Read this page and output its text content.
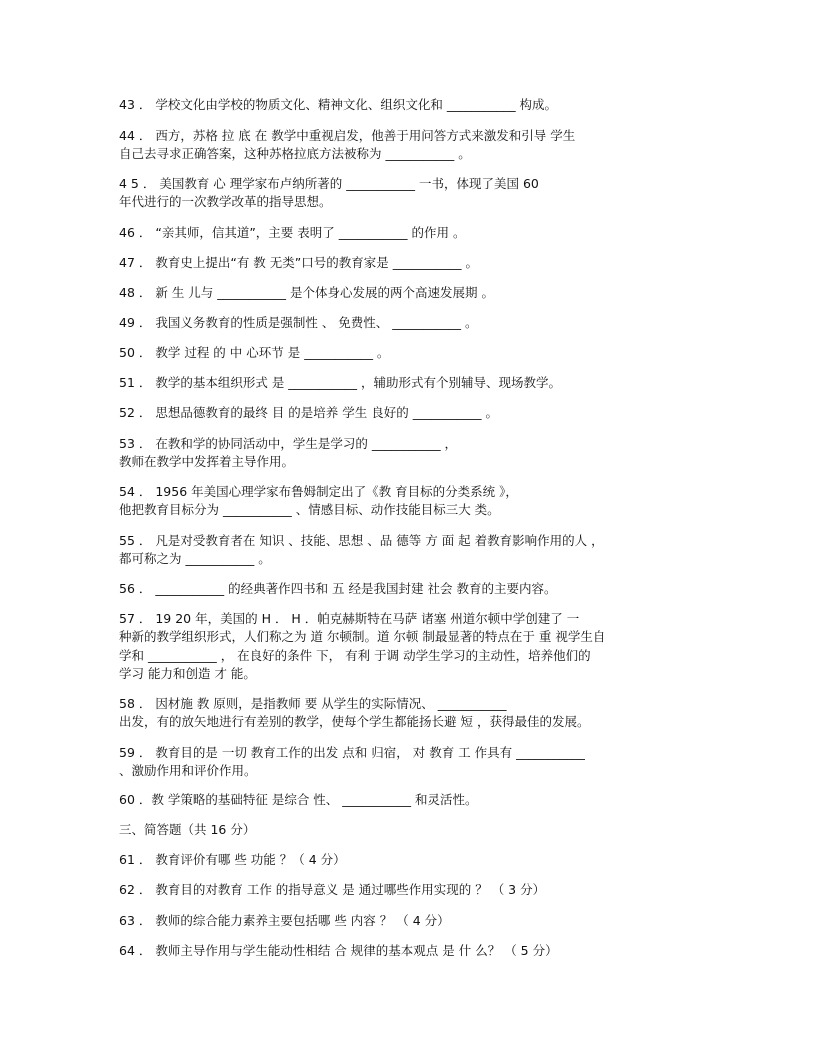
43 ． 学校文化由学校的物质文化、精神文化、组织文化和 ___________ 构成。
44 ． 西方，苏格 拉 底 在 教学中重视启发，他善于用问答方式来激发和引导 学生
自己去寻求正确答案，这种苏格拉底方法被称为 ___________ 。
4 5 ． 美国教育 心 理学家布卢纳所著的 ___________ 一书，体现了美国 60
年代进行的一次教学改革的指导思想。
46 ． “亲其师，信其道”，主要 表明了 ___________ 的作用 。
47 ． 教育史上提出“有 教 无类”口号的教育家是 ___________ 。
48 ． 新 生 儿与 ___________ 是个体身心发展的两个高速发展期 。
49 ． 我国义务教育的性质是强制性 、 免费性、 ___________ 。
50 ． 教学 过程 的 中 心环节 是 ___________ 。
51 ． 教学的基本组织形式 是 ___________ ，辅助形式有个别辅导、现场教学。
52 ． 思想品德教育的最终 目 的是培养 学生 良好的 ___________ 。
53 ． 在教和学的协同活动中，学生是学习的 ___________ ，
教师在教学中发挥着主导作用。
54 ． 1956 年美国心理学家布鲁姆制定出了《教 育目标的分类系统 》，
他把教育目标分为 ___________ 、情感目标、动作技能目标三大 类。
55 ． 凡是对受教育者在 知识 、技能、思想 、品 德等 方 面 起 着教育影响作用的人 ，
都可称之为 ___________ 。
56 ． ___________ 的经典著作四书和 五 经是我国封建 社会 教育的主要内容。
57 ． 19 20 年，美国的 H ． H ．帕克赫斯特在马萨 诸塞 州道尔顿中学创建了 一
种新的教学组织形式，人们称之为 道 尔顿制。道 尔顿 制最显著的特点在于 重 视学生自
学和 ___________ ， 在良好的条件 下， 有利 于调 动学生学习的主动性，培养他们的
学习 能力和创造 才 能。
58 ． 因材施 教 原则，是指教师 要 从学生的实际情况、 ___________
出发，有的放矢地进行有差别的教学，使每个学生都能扬长避 短 ，获得最佳的发展。
59 ． 教育目的是 一切 教育工作的出发 点和 归宿， 对 教育 工 作具有 ___________
、激励作用和评价作用。
60 ．教 学策略的基础特征 是综合 性、 ___________ 和灵活性。
三、简答题（共 16 分）
61 ． 教育评价有哪 些 功能 ？（ 4 分）
62 ． 教育目的对教育 工作 的指导意义 是 通过哪些作用实现的 ？ （ 3 分）
63 ． 教师的综合能力素养主要包括哪 些 内容 ？ （ 4 分）
64 ． 教师主导作用与学生能动性相结 合 规律的基本观点 是 什 么？ （ 5 分）
